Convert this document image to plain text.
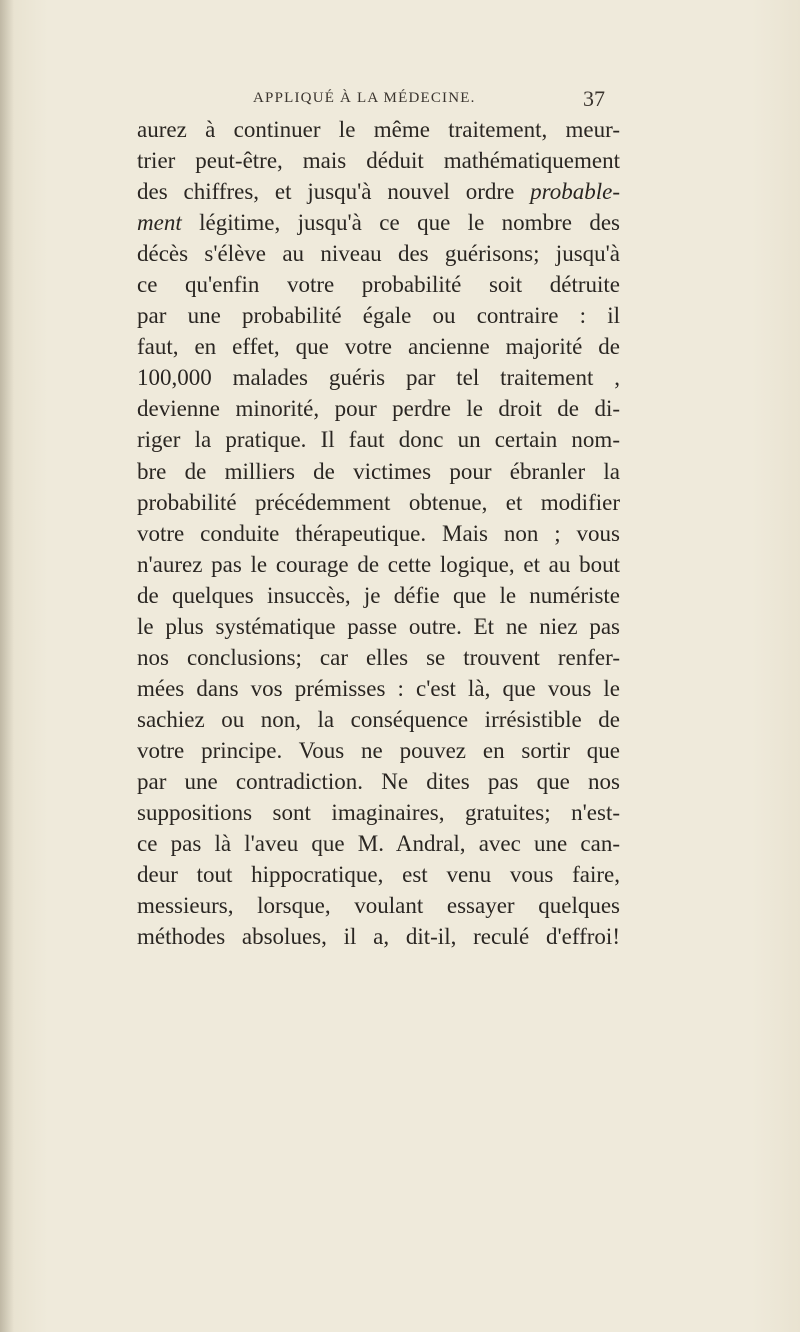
APPLIQUÉ À LA MÉDECINE.	37
aurez à continuer le même traitement, meur-
trier peut-être, mais déduit mathématiquement
des chiffres, et jusqu'à nouvel ordre probable-
ment légitime, jusqu'à ce que le nombre des
décès s'élève au niveau des guérisons; jusqu'à
ce qu'enfin votre probabilité soit détruite
par une probabilité égale ou contraire : il
faut, en effet, que votre ancienne majorité de
100,000 malades guéris par tel traitement ,
devienne minorité, pour perdre le droit de di-
riger la pratique. Il faut donc un certain nom-
bre de milliers de victimes pour ébranler la
probabilité précédemment obtenue, et modifier
votre conduite thérapeutique. Mais non ; vous
n'aurez pas le courage de cette logique, et au bout
de quelques insuccès, je défie que le numériste
le plus systématique passe outre. Et ne niez pas
nos conclusions; car elles se trouvent renfer-
mées dans vos prémisses : c'est là, que vous le
sachiez ou non, la conséquence irrésistible de
votre principe. Vous ne pouvez en sortir que
par une contradiction. Ne dites pas que nos
suppositions sont imaginaires, gratuites; n'est-
ce pas là l'aveu que M. Andral, avec une can-
deur tout hippocratique, est venu vous faire,
messieurs, lorsque, voulant essayer quelques
méthodes absolues, il a, dit-il, reculé d'effroi!
